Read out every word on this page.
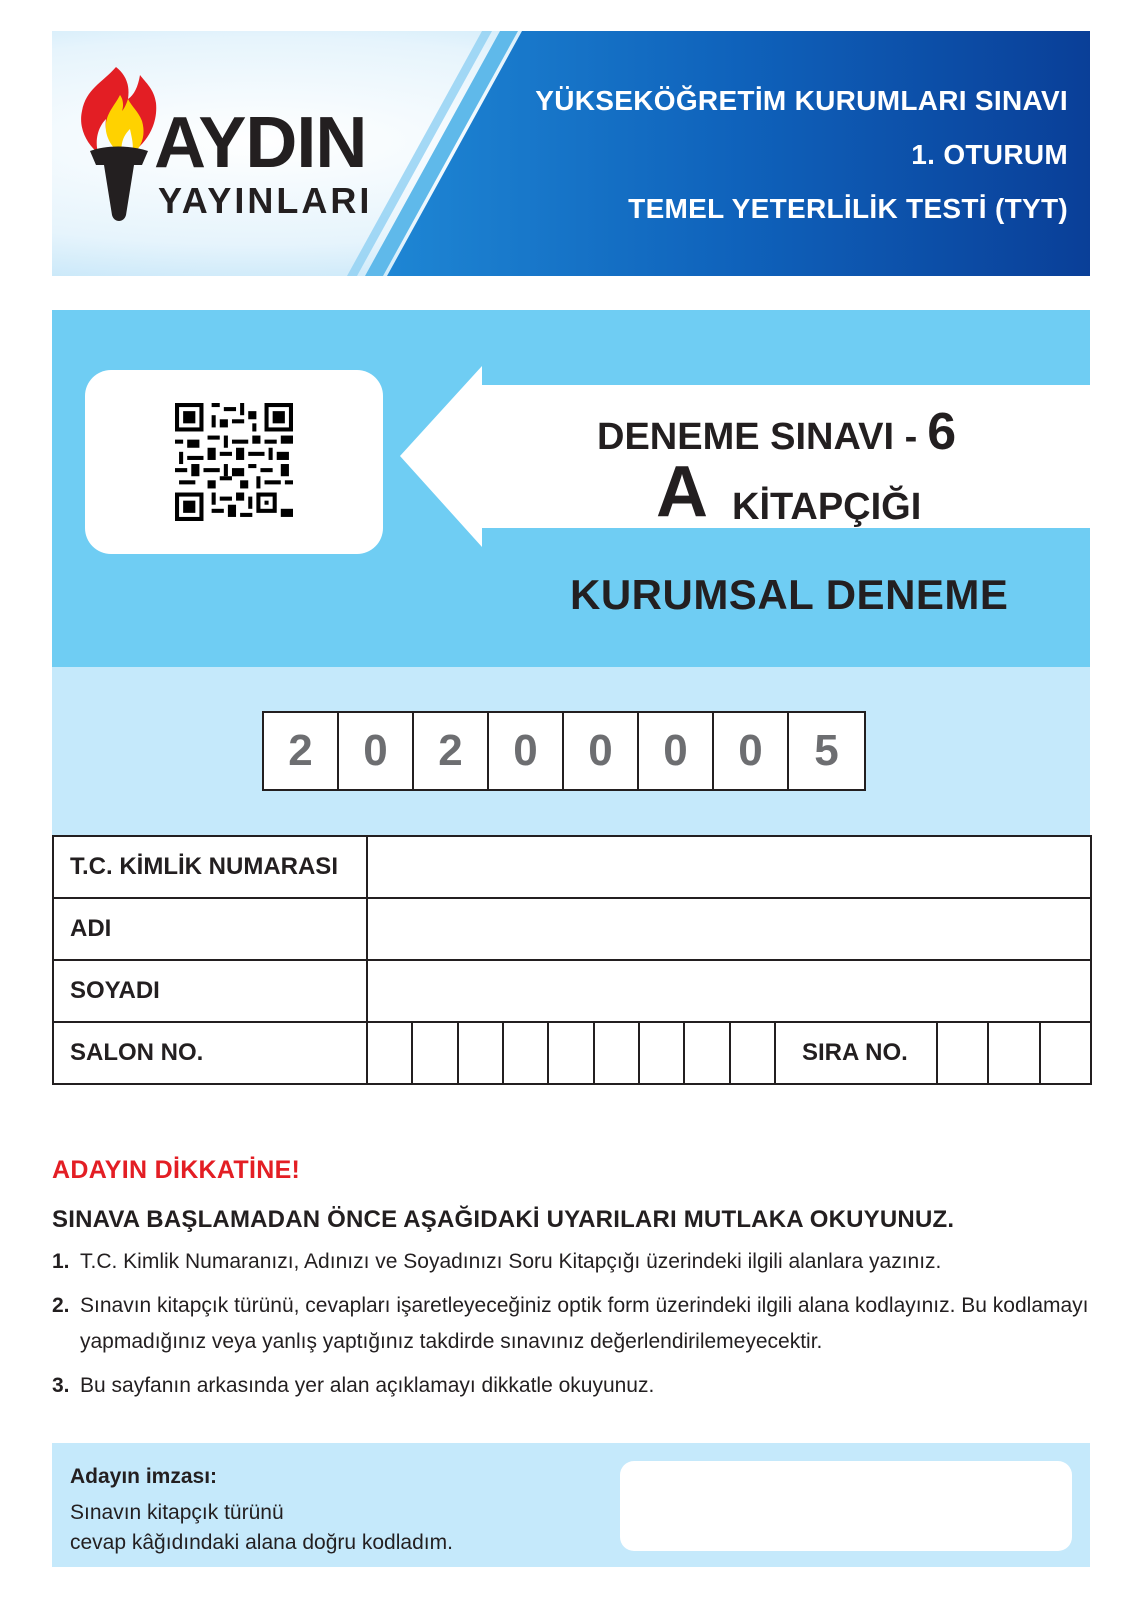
AYDIN
YAYINLARI
YÜKSEKÖĞRETİM KURUMLARI SINAVI
1. OTURUM
TEMEL YETERLİLİK TESTİ (TYT)
DENEME SINAVI - 6
A KİTAPÇIĞI
KURUMSAL DENEME
2	0	2	0	0	0	0	5
T.C. KİMLİK NUMARASI			
ADI			
SOYADI			
SALON NO.		SIRA NO.	
ADAYIN DİKKATİNE!
SINAVA BAŞLAMADAN ÖNCE AŞAĞIDAKİ UYARILARI MUTLAKA OKUYUNUZ.
1. T.C. Kimlik Numaranızı, Adınızı ve Soyadınızı Soru Kitapçığı üzerindeki ilgili alanlara yazınız.
2. Sınavın kitapçık türünü, cevapları işaretleyeceğiniz optik form üzerindeki ilgili alana kodlayınız. Bu kodlamayı yapmadığınız veya yanlış yaptığınız takdirde sınavınız değerlendirilemeyecektir.
3. Bu sayfanın arkasında yer alan açıklamayı dikkatle okuyunuz.
Adayın imzası:
Sınavın kitapçık türünü
cevap kâğıdındaki alana doğru kodladım.
